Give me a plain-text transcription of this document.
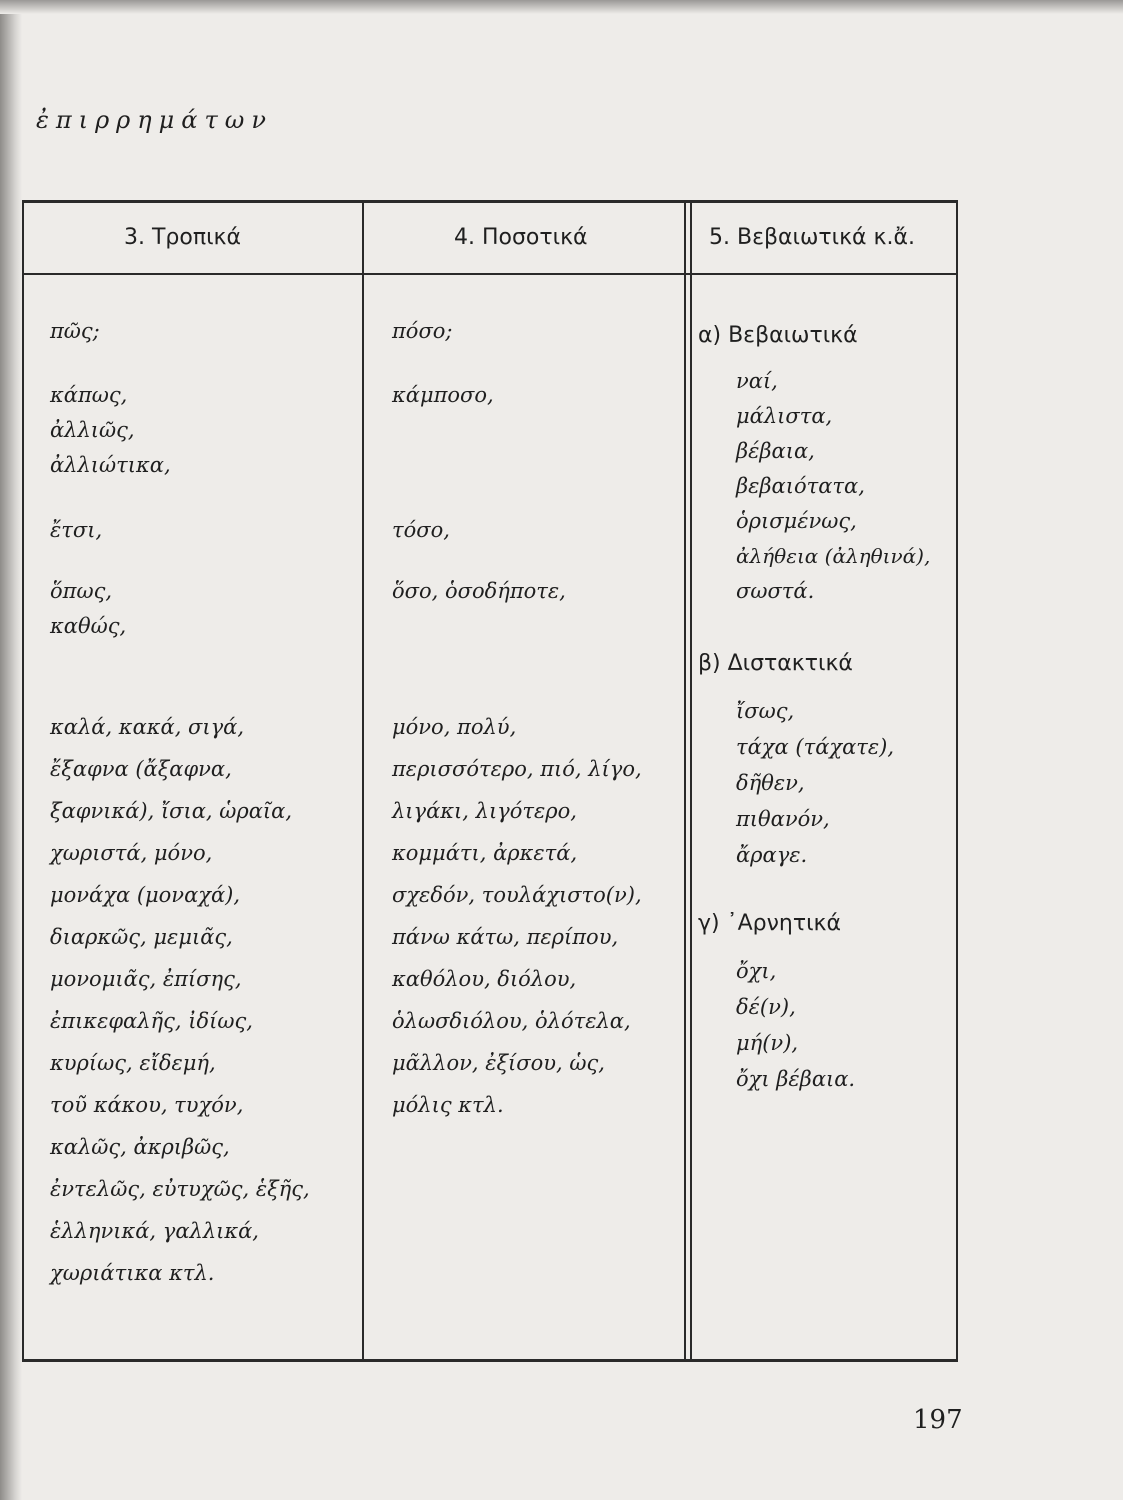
ἐπιρρημάτων
3. Τροπικά	4. Ποσοτικά	5. Βεβαιωτικά κ.ἄ.
πῶς;
κάπως,
ἀλλιῶς,
ἀλλιώτικα,
ἔτσι,
ὅπως,
καθώς,
καλά, κακά, σιγά,
ἔξαφνα (ἄξαφνα,
ξαφνικά), ἴσια, ὡραῖα,
χωριστά, μόνο,
μονάχα (μοναχά),
διαρκῶς, μεμιᾶς,
μονομιᾶς, ἐπίσης,
ἐπικεφαλῆς, ἰδίως,
κυρίως, εἴδεμή,
τοῦ κάκου, τυχόν,
καλῶς, ἀκριβῶς,
ἐντελῶς, εὐτυχῶς, ἑξῆς,
ἑλληνικά, γαλλικά,
χωριάτικα κτλ.
πόσο;
κάμποσο,
τόσο,
ὅσο, ὁσοδήποτε,
μόνο, πολύ,
περισσότερο, πιό, λίγο,
λιγάκι, λιγότερο,
κομμάτι, ἀρκετά,
σχεδόν, τουλάχιστο(ν),
πάνω κάτω, περίπου,
καθόλου, διόλου,
ὁλωσδιόλου, ὁλότελα,
μᾶλλον, ἐξίσου, ὡς,
μόλις κτλ.
α) Βεβαιωτικά
ναί,
μάλιστα,
βέβαια,
βεβαιότατα,
ὁρισμένως,
ἀλήθεια (ἀληθινά),
σωστά.
β) Διστακτικά
ἴσως,
τάχα (τάχατε),
δῆθεν,
πιθανόν,
ἄραγε.
γ) ᾿Αρνητικά
ὄχι,
δέ(ν),
μή(ν),
ὄχι βέβαια.
197
